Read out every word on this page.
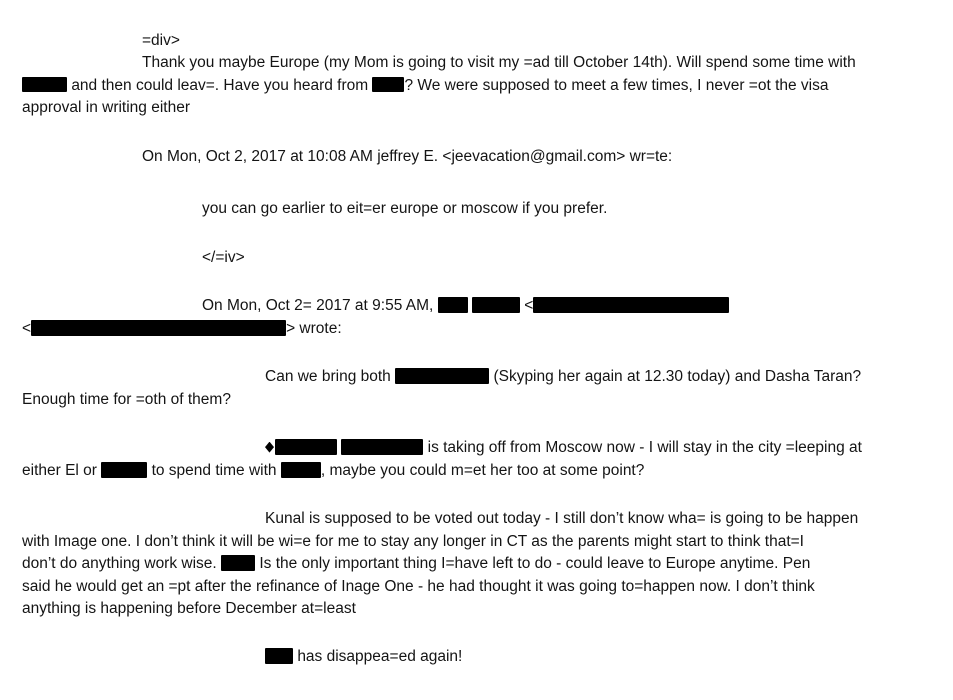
=div>

Thank you maybe Europe (my Mom is going to visit my =ad till October 14th). Will spend some time with

and then could leav=. Have you heard from ? We were supposed to meet a few times, I never =ot the visa

approval in writing either

On Mon, Oct 2, 2017 at 10:08 AM jeffrey E. <jeevacation@gmail.com> wr=te:

you can go earlier to eit=er europe or moscow if you prefer.

</=iv>

On Mon, Oct 2= 2017 at 9:55 AM,	<

<	> wrote:

Can we bring both	(Skyping her again at 12.30 today) and Dasha Taran?

Enough time for =oth of them?

is taking off from Moscow now - I will stay in the city =leeping at

either El or	to spend time with	, maybe you could m=et her too at some point?

Kunal is supposed to be voted out today - I still don’t know wha= is going to be happen

with Image one. I don’t think it will be wi=e for me to stay any longer in CT as the parents might start to think that=I

don’t do anything work wise.	Is the only important thing I=have left to do - could leave to Europe anytime. Pen

said he would get an =pt after the refinance of Inage One - he had thought it was going to=happen now. I don’t think

anything is happening before December at=least

has disappea=ed again!
